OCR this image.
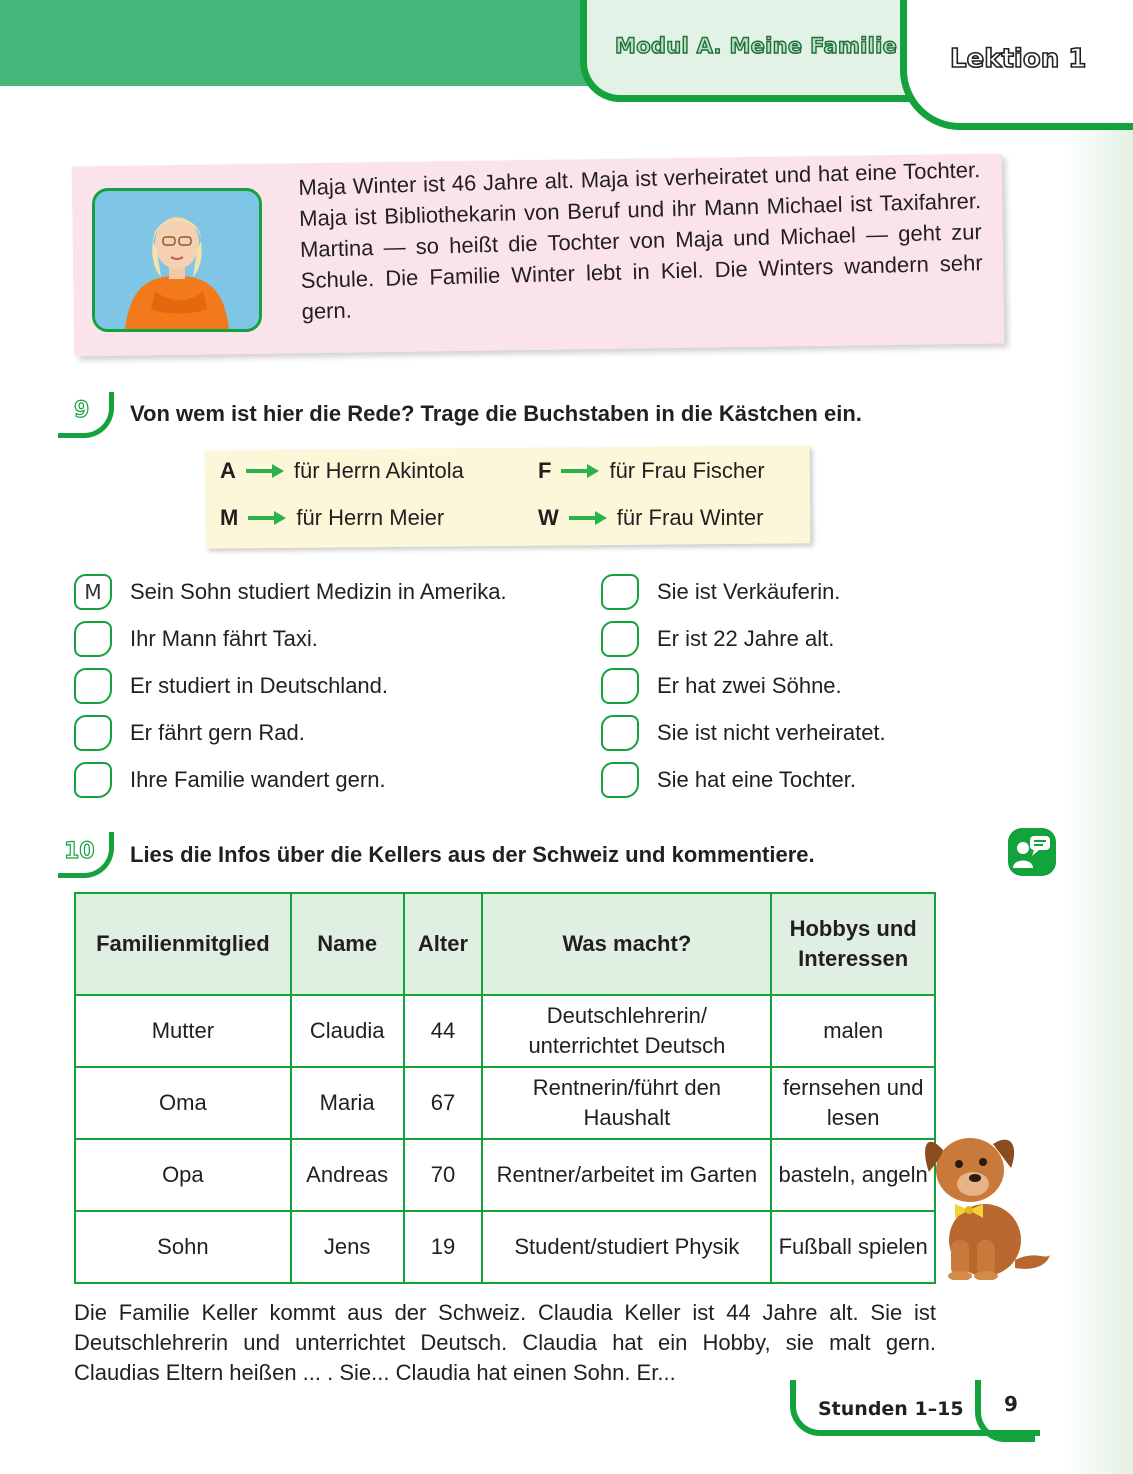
Modul A. Meine Familie Lektion 1
Maja Winter ist 46 Jahre alt. Maja ist verheiratet und hat eine Tochter. Maja ist Bibliothekarin von Beruf und ihr Mann Michael ist Taxifahrer. Martina — so heißt die Tochter von Maja und Michael — geht zur Schule. Die Familie Winter lebt in Kiel. Die Winters wandern sehr gern.
9 Von wem ist hier die Rede? Trage die Buchstaben in die Kästchen ein.
A	für Herrn Akintola	F	für Frau Fischer
M	für Herrn Meier	W	für Frau Winter
M	Sein Sohn studiert Medizin in Amerika.
Ihr Mann fährt Taxi.
Er studiert in Deutschland.
Er fährt gern Rad.
Ihre Familie wandert gern.
Sie ist Verkäuferin.
Er ist 22 Jahre alt.
Er hat zwei Söhne.
Sie ist nicht verheiratet.
Sie hat eine Tochter.
10 Lies die Infos über die Kellers aus der Schweiz und kommentiere.
Familienmitglied	Name	Alter	Was macht?	Hobbys und Interessen
Mutter	Claudia	44	Deutschlehrerin/ unterrichtet Deutsch	malen
Oma	Maria	67	Rentnerin/führt den Haushalt	fernsehen und lesen
Opa	Andreas	70	Rentner/arbeitet im Garten	basteln, angeln
Sohn	Jens	19	Student/studiert Physik	Fußball spielen
Die Familie Keller kommt aus der Schweiz. Claudia Keller ist 44 Jahre alt. Sie ist Deutschlehrerin und unterrichtet Deutsch. Claudia hat ein Hobby, sie malt gern. Claudias Eltern heißen ... . Sie... Claudia hat einen Sohn. Er...
Stunden 1–15 9
